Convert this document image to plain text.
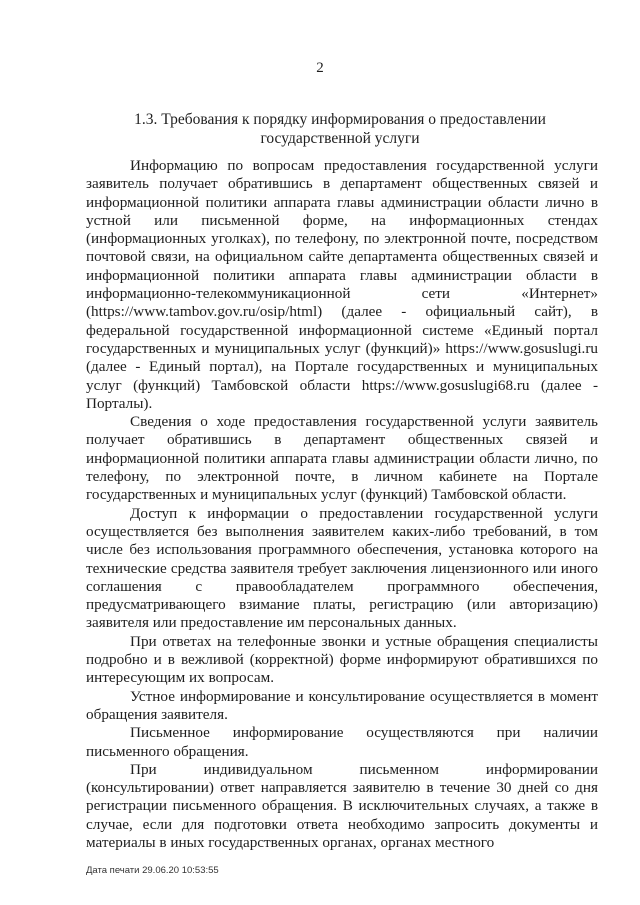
2
1.3. Требования к порядку информирования о предоставлении
государственной услуги

Информацию по вопросам предоставления государственной услуги заявитель получает обратившись в департамент общественных связей и информационной политики аппарата главы администрации области лично в устной или письменной форме, на информационных стендах (информационных уголках), по телефону, по электронной почте, посредством почтовой связи, на официальном сайте департамента общественных связей и информационной политики аппарата главы администрации области в информационно-телекоммуникационной сети «Интернет» (https://www.tambov.gov.ru/osip/html) (далее - официальный сайт), в федеральной государственной информационной системе «Единый портал государственных и муниципальных услуг (функций)» https://www.gosuslugi.ru (далее - Единый портал), на Портале государственных и муниципальных услуг (функций) Тамбовской области https://www.gosuslugi68.ru (далее - Порталы).

Сведения о ходе предоставления государственной услуги заявитель получает обратившись в департамент общественных связей и информационной политики аппарата главы администрации области лично, по телефону, по электронной почте, в личном кабинете на Портале государственных и муниципальных услуг (функций) Тамбовской области.

Доступ к информации о предоставлении государственной услуги осуществляется без выполнения заявителем каких-либо требований, в том числе без использования программного обеспечения, установка которого на технические средства заявителя требует заключения лицензионного или иного соглашения с правообладателем программного обеспечения, предусматривающего взимание платы, регистрацию (или авторизацию) заявителя или предоставление им персональных данных.

При ответах на телефонные звонки и устные обращения специалисты подробно и в вежливой (корректной) форме информируют обратившихся по интересующим их вопросам.

Устное информирование и консультирование осуществляется в момент обращения заявителя.

Письменное информирование осуществляются при наличии письменного обращения.

При индивидуальном письменном информировании (консультировании) ответ направляется заявителю в течение 30 дней со дня регистрации письменного обращения. В исключительных случаях, а также в случае, если для подготовки ответа необходимо запросить документы и материалы в иных государственных органах, органах местного

Дата печати 29.06.20 10:53:55
